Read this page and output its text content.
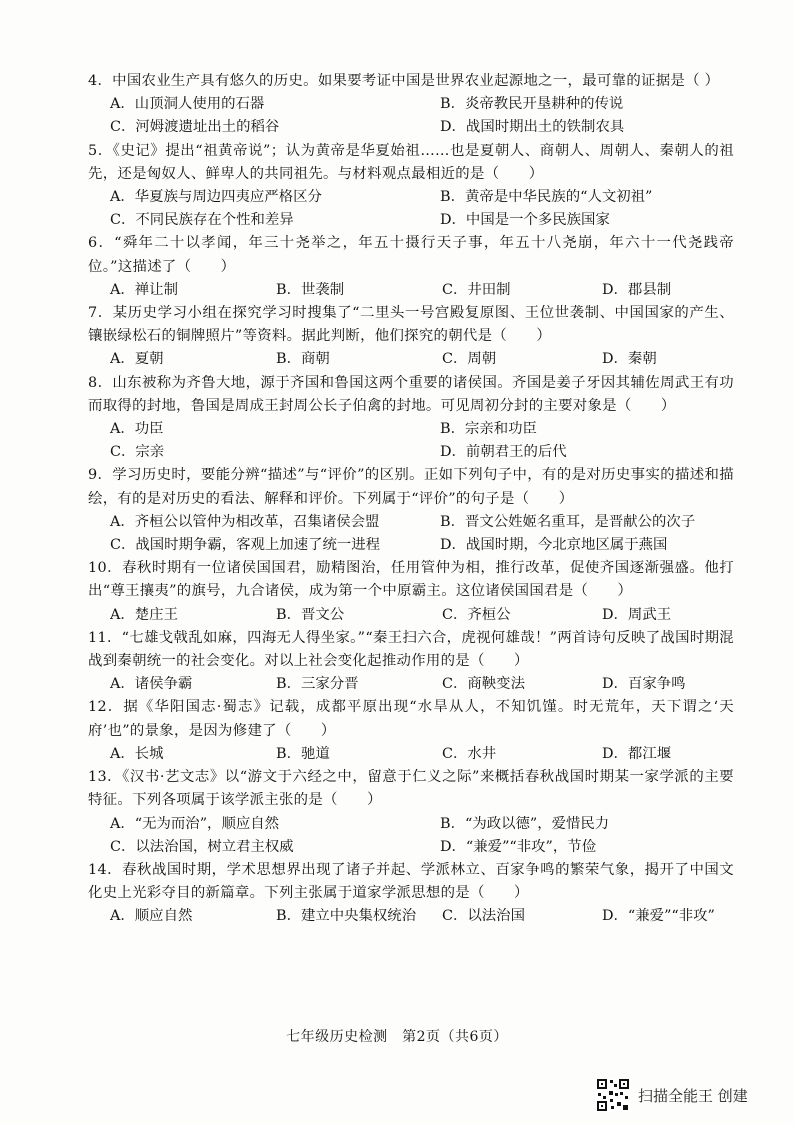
4．中国农业生产具有悠久的历史。如果要考证中国是世界农业起源地之一，最可靠的证据是（ ）

A．山顶洞人使用的石器	B．炎帝教民开垦耕种的传说
C．河姆渡遗址出土的稻谷	D．战国时期出土的铁制农具

5．《史记》提出“祖黄帝说”；认为黄帝是华夏始祖……也是夏朝人、商朝人、周朝人、秦朝人的祖先，还是匈奴人、鲜卑人的共同祖先。与材料观点最相近的是（　　）

A．华夏族与周边四夷应严格区分	B．黄帝是中华民族的“人文初祖”
C．不同民族存在个性和差异	D．中国是一个多民族国家

6．“舜年二十以孝闻，年三十尧举之，年五十摄行天子事，年五十八尧崩，年六十一代尧践帝位。”这描述了（　　）

A．禅让制	B．世袭制	C．井田制	D．郡县制

7．某历史学习小组在探究学习时搜集了“二里头一号宫殿复原图、王位世袭制、中国国家的产生、镶嵌绿松石的铜牌照片”等资料。据此判断，他们探究的朝代是（　　）

A．夏朝	B．商朝	C．周朝	D．秦朝

8．山东被称为齐鲁大地，源于齐国和鲁国这两个重要的诸侯国。齐国是姜子牙因其辅佐周武王有功而取得的封地，鲁国是周成王封周公长子伯禽的封地。可见周初分封的主要对象是（　　）

A．功臣	B．宗亲和功臣
C．宗亲	D．前朝君王的后代

9．学习历史时，要能分辨“描述”与“评价”的区别。正如下列句子中，有的是对历史事实的描述和描绘，有的是对历史的看法、解释和评价。下列属于“评价”的句子是（　　）

A．齐桓公以管仲为相改革，召集诸侯会盟	B．晋文公姓姬名重耳，是晋献公的次子
C．战国时期争霸，客观上加速了统一进程	D．战国时期，今北京地区属于燕国

10．春秋时期有一位诸侯国国君，励精图治，任用管仲为相，推行改革，促使齐国逐渐强盛。他打出“尊王攘夷”的旗号，九合诸侯，成为第一个中原霸主。这位诸侯国国君是（　　）

A．楚庄王	B．晋文公	C．齐桓公	D．周武王

11．“七雄戈戟乱如麻，四海无人得坐家。”“秦王扫六合，虎视何雄哉！”两首诗句反映了战国时期混战到秦朝统一的社会变化。对以上社会变化起推动作用的是（　　）

A．诸侯争霸	B．三家分晋	C．商鞅变法	D．百家争鸣

12．据《华阳国志·蜀志》记载，成都平原出现“水旱从人，不知饥馑。时无荒年，天下谓之‘天府’也”的景象，是因为修建了（　　）

A．长城	B．驰道	C．水井	D．都江堰

13．《汉书·艺文志》以“游文于六经之中，留意于仁义之际”来概括春秋战国时期某一家学派的主要特征。下列各项属于该学派主张的是（　　）

A．“无为而治”，顺应自然	B．“为政以德”，爱惜民力
C．以法治国，树立君主权威	D．“兼爱”“非攻”，节俭

14．春秋战国时期，学术思想界出现了诸子并起、学派林立、百家争鸣的繁荣气象，揭开了中国文化史上光彩夺目的新篇章。下列主张属于道家学派思想的是（　　）

A．顺应自然	B．建立中央集权统治	C．以法治国	D．“兼爱”“非攻”
七年级历史检测　第2页（共6页）
扫描全能王 创建
